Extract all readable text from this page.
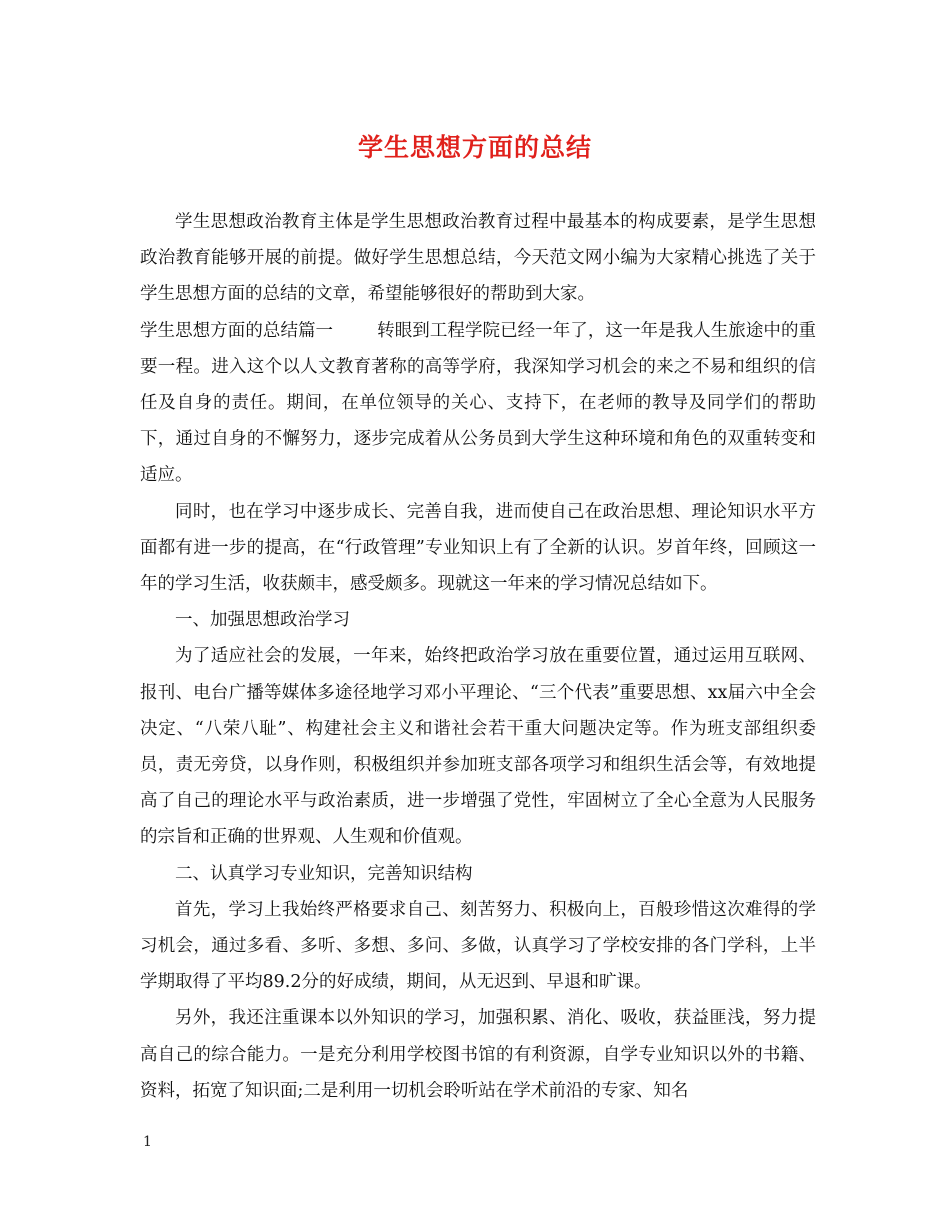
学生思想方面的总结

学生思想政治教育主体是学生思想政治教育过程中最基本的构成要素，是学生思想政治教育能够开展的前提。做好学生思想总结，今天范文网小编为大家精心挑选了关于学生思想方面的总结的文章，希望能够很好的帮助到大家。

学生思想方面的总结篇一	转眼到工程学院已经一年了，这一年是我人生旅途中的重要一程。进入这个以人文教育著称的高等学府，我深知学习机会的来之不易和组织的信任及自身的责任。期间，在单位领导的关心、支持下，在老师的教导及同学们的帮助下，通过自身的不懈努力，逐步完成着从公务员到大学生这种环境和角色的双重转变和适应。

同时，也在学习中逐步成长、完善自我，进而使自己在政治思想、理论知识水平方面都有进一步的提高，在“行政管理”专业知识上有了全新的认识。岁首年终，回顾这一年的学习生活，收获颇丰，感受颇多。现就这一年来的学习情况总结如下。

一、加强思想政治学习

为了适应社会的发展，一年来，始终把政治学习放在重要位置，通过运用互联网、报刊、电台广播等媒体多途径地学习邓小平理论、“三个代表”重要思想、xx届六中全会决定、“八荣八耻”、构建社会主义和谐社会若干重大问题决定等。作为班支部组织委员，责无旁贷，以身作则，积极组织并参加班支部各项学习和组织生活会等，有效地提高了自己的理论水平与政治素质，进一步增强了党性，牢固树立了全心全意为人民服务的宗旨和正确的世界观、人生观和价值观。

二、认真学习专业知识，完善知识结构

首先，学习上我始终严格要求自己、刻苦努力、积极向上，百般珍惜这次难得的学习机会，通过多看、多听、多想、多问、多做，认真学习了学校安排的各门学科，上半学期取得了平均89.2分的好成绩，期间，从无迟到、早退和旷课。

另外，我还注重课本以外知识的学习，加强积累、消化、吸收，获益匪浅，努力提高自己的综合能力。一是充分利用学校图书馆的有利资源，自学专业知识以外的书籍、资料，拓宽了知识面;二是利用一切机会聆听站在学术前沿的专家、知名

1
